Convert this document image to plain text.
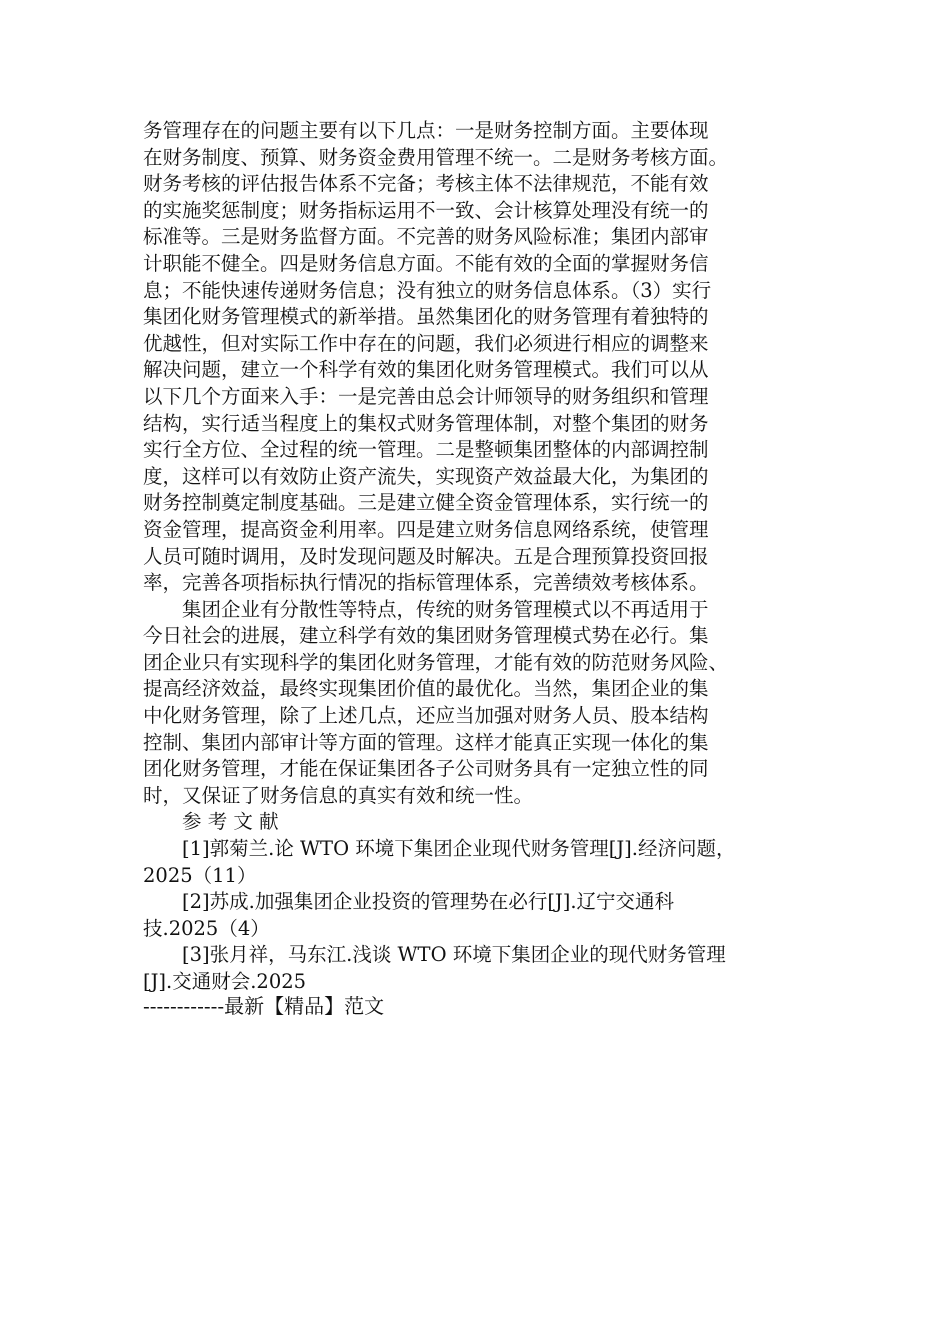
务管理存在的问题主要有以下几点：一是财务控制方面。主要体现
在财务制度、预算、财务资金费用管理不统一。二是财务考核方面。
财务考核的评估报告体系不完备；考核主体不法律规范，不能有效
的实施奖惩制度；财务指标运用不一致、会计核算处理没有统一的
标准等。三是财务监督方面。不完善的财务风险标准；集团内部审
计职能不健全。四是财务信息方面。不能有效的全面的掌握财务信
息；不能快速传递财务信息；没有独立的财务信息体系。（3）实行
集团化财务管理模式的新举措。虽然集团化的财务管理有着独特的
优越性，但对实际工作中存在的问题，我们必须进行相应的调整来
解决问题，建立一个科学有效的集团化财务管理模式。我们可以从
以下几个方面来入手：一是完善由总会计师领导的财务组织和管理
结构，实行适当程度上的集权式财务管理体制，对整个集团的财务
实行全方位、全过程的统一管理。二是整顿集团整体的内部调控制
度，这样可以有效防止资产流失，实现资产效益最大化，为集团的
财务控制奠定制度基础。三是建立健全资金管理体系，实行统一的
资金管理，提高资金利用率。四是建立财务信息网络系统，使管理
人员可随时调用，及时发现问题及时解决。五是合理预算投资回报
率，完善各项指标执行情况的指标管理体系，完善绩效考核体系。
　　集团企业有分散性等特点，传统的财务管理模式以不再适用于
今日社会的进展，建立科学有效的集团财务管理模式势在必行。集
团企业只有实现科学的集团化财务管理，才能有效的防范财务风险、
提高经济效益，最终实现集团价值的最优化。当然，集团企业的集
中化财务管理，除了上述几点，还应当加强对财务人员、股本结构
控制、集团内部审计等方面的管理。这样才能真正实现一体化的集
团化财务管理，才能在保证集团各子公司财务具有一定独立性的同
时，又保证了财务信息的真实有效和统一性。
　　参 考 文 献
　　[1]郭菊兰.论 WTO 环境下集团企业现代财务管理[J].经济问题，
2025（11）
　　[2]苏成.加强集团企业投资的管理势在必行[J].辽宁交通科
技.2025（4）
　　[3]张月祥，马东江.浅谈 WTO 环境下集团企业的现代财务管理
[J].交通财会.2025
------------最新【精品】范文
